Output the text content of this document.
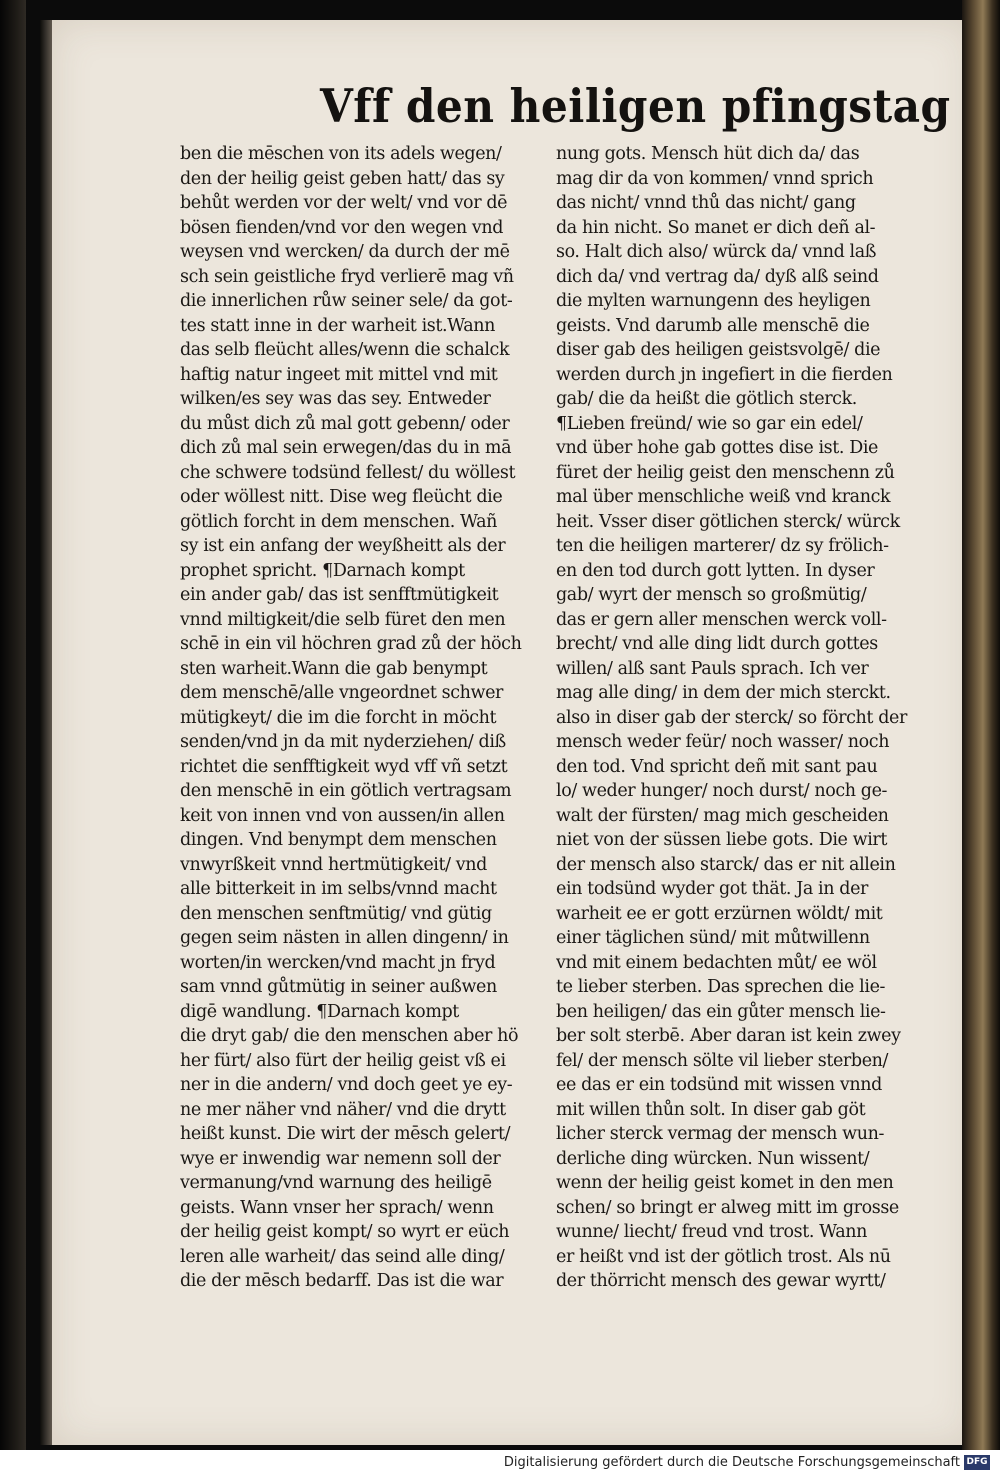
Vff den heiligen pfingstag
ben die mēschen von its adels wegen/
den der heilig geist geben hatt/ das sy
behůt werden vor der welt/ vnd vor dē
bösen fienden/vnd vor den wegen vnd
weysen vnd wercken/ da durch der mē
sch sein geistliche fryd verlierē mag vñ
die innerlichen růw seiner sele/ da got-
tes statt inne in der warheit ist.Wann
das selb fleücht alles/wenn die schalck
haftig natur ingeet mit mittel vnd mit
wilken/es sey was das sey. Entweder
du můst dich zů mal gott gebenn/ oder
dich zů mal sein erwegen/das du in mā
che schwere todsünd fellest/ du wöllest
oder wöllest nitt. Dise weg fleücht die
götlich forcht in dem menschen. Wañ
sy ist ein anfang der weyßheitt als der
prophet spricht. ¶Darnach kompt
ein ander gab/ das ist senfftmütigkeit
vnnd miltigkeit/die selb füret den men
schē in ein vil höchren grad zů der höch
sten warheit.Wann die gab benympt
dem menschē/alle vngeordnet schwer
mütigkeyt/ die im die forcht in möcht
senden/vnd jn da mit nyderziehen/ diß
richtet die senfftigkeit wyd vff vñ setzt
den menschē in ein götlich vertragsam
keit von innen vnd von aussen/in allen
dingen. Vnd benympt dem menschen
vnwyrßkeit vnnd hertmütigkeit/ vnd
alle bitterkeit in im selbs/vnnd macht
den menschen senftmütig/ vnd gütig
gegen seim nästen in allen dingenn/ in
worten/in wercken/vnd macht jn fryd
sam vnnd gůtmütig in seiner außwen
digē wandlung. ¶Darnach kompt
die dryt gab/ die den menschen aber hö
her fürt/ also fürt der heilig geist vß ei
ner in die andern/ vnd doch geet ye ey-
ne mer näher vnd näher/ vnd die drytt
heißt kunst. Die wirt der mēsch gelert/
wye er inwendig war nemenn soll der
vermanung/vnd warnung des heiligē
geists. Wann vnser her sprach/ wenn
der heilig geist kompt/ so wyrt er eüch
leren alle warheit/ das seind alle ding/
die der mēsch bedarff. Das ist die war
nung gots. Mensch hüt dich da/ das
mag dir da von kommen/ vnnd sprich
das nicht/ vnnd thů das nicht/ gang
da hin nicht. So manet er dich deñ al-
so. Halt dich also/ würck da/ vnnd laß
dich da/ vnd vertrag da/ dyß alß seind
die mylten warnungenn des heyligen
geists. Vnd darumb alle menschē die
diser gab des heiligen geistsvolgē/ die
werden durch jn ingefiert in die fierden
gab/ die da heißt die götlich sterck.
¶Lieben freünd/ wie so gar ein edel/
vnd über hohe gab gottes dise ist. Die
füret der heilig geist den menschenn zů
mal über menschliche weiß vnd kranck
heit. Vsser diser götlichen sterck/ würck
ten die heiligen marterer/ dz sy frölich-
en den tod durch gott lytten. In dyser
gab/ wyrt der mensch so großmütig/
das er gern aller menschen werck voll-
brecht/ vnd alle ding lidt durch gottes
willen/ alß sant Pauls sprach. Ich ver
mag alle ding/ in dem der mich sterckt.
also in diser gab der sterck/ so förcht der
mensch weder feür/ noch wasser/ noch
den tod. Vnd spricht deñ mit sant pau
lo/ weder hunger/ noch durst/ noch ge-
walt der fürsten/ mag mich gescheiden
niet von der süssen liebe gots. Die wirt
der mensch also starck/ das er nit allein
ein todsünd wyder got thät. Ja in der
warheit ee er gott erzürnen wöldt/ mit
einer täglichen sünd/ mit můtwillenn
vnd mit einem bedachten můt/ ee wöl
te lieber sterben. Das sprechen die lie-
ben heiligen/ das ein gůter mensch lie-
ber solt sterbē. Aber daran ist kein zwey
fel/ der mensch sölte vil lieber sterben/
ee das er ein todsünd mit wissen vnnd
mit willen thůn solt. In diser gab göt
licher sterck vermag der mensch wun-
derliche ding würcken. Nun wissent/
wenn der heilig geist komet in den men
schen/ so bringt er alweg mitt im grosse
wunne/ liecht/ freud vnd trost. Wann
er heißt vnd ist der götlich trost. Als nū
der thörricht mensch des gewar wyrtt/
Digitalisierung gefördert durch die Deutsche Forschungsgemeinschaft DFG
